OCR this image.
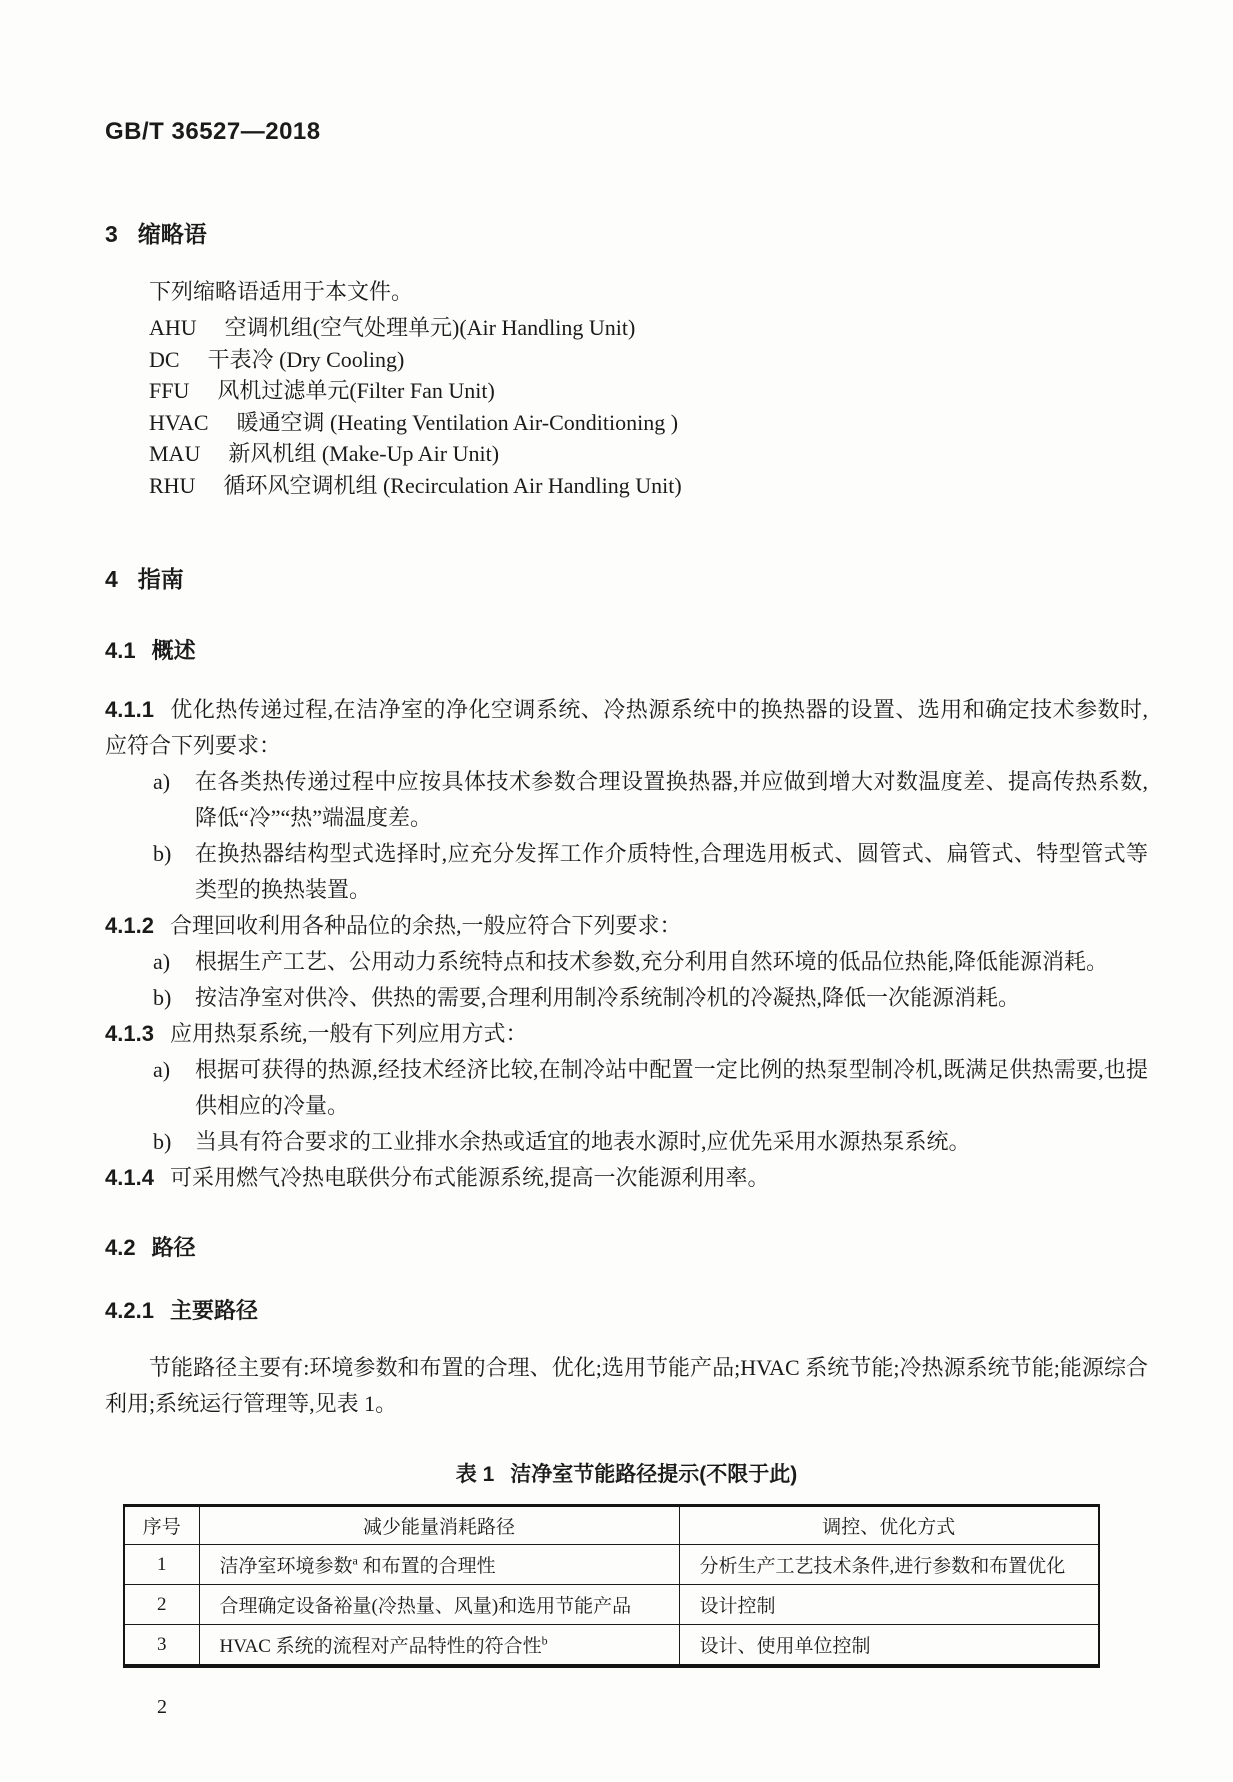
GB/T 36527—2018
3 缩略语

下列缩略语适用于本文件。

AHU 空调机组(空气处理单元)(Air Handling Unit)
DC 干表冷 (Dry Cooling)
FFU 风机过滤单元(Filter Fan Unit)
HVAC 暖通空调 (Heating Ventilation Air-Conditioning )
MAU 新风机组 (Make-Up Air Unit)
RHU 循环风空调机组 (Recirculation Air Handling Unit)
4 指南
4.1 概述

4.1.1 优化热传递过程,在洁净室的净化空调系统、冷热源系统中的换热器的设置、选用和确定技术参数时,应符合下列要求：

a)	在各类热传递过程中应按具体技术参数合理设置换热器,并应做到增大对数温度差、提高传热系数,降低“冷”“热”端温度差。
b)	在换热器结构型式选择时,应充分发挥工作介质特性,合理选用板式、圆管式、扁管式、特型管式等类型的换热装置。

4.1.2 合理回收利用各种品位的余热,一般应符合下列要求：

a)	根据生产工艺、公用动力系统特点和技术参数,充分利用自然环境的低品位热能,降低能源消耗。
b)	按洁净室对供冷、供热的需要,合理利用制冷系统制冷机的冷凝热,降低一次能源消耗。

4.1.3 应用热泵系统,一般有下列应用方式：

a)	根据可获得的热源,经技术经济比较,在制冷站中配置一定比例的热泵型制冷机,既满足供热需要,也提供相应的冷量。
b)	当具有符合要求的工业排水余热或适宜的地表水源时,应优先采用水源热泵系统。

4.1.4 可采用燃气冷热电联供分布式能源系统,提高一次能源利用率。

4.2 路径
4.2.1 主要路径

节能路径主要有:环境参数和布置的合理、优化;选用节能产品;HVAC 系统节能;冷热源系统节能;能源综合利用;系统运行管理等,见表 1。

表 1 洁净室节能路径提示(不限于此)
序号	减少能量消耗路径	调控、优化方式
1	洁净室环境参数$^a$ 和布置的合理性	分析生产工艺技术条件,进行参数和布置优化
2	合理确定设备裕量(冷热量、风量)和选用节能产品	设计控制
3	HVAC 系统的流程对产品特性的符合性$^b$	设计、使用单位控制
2
